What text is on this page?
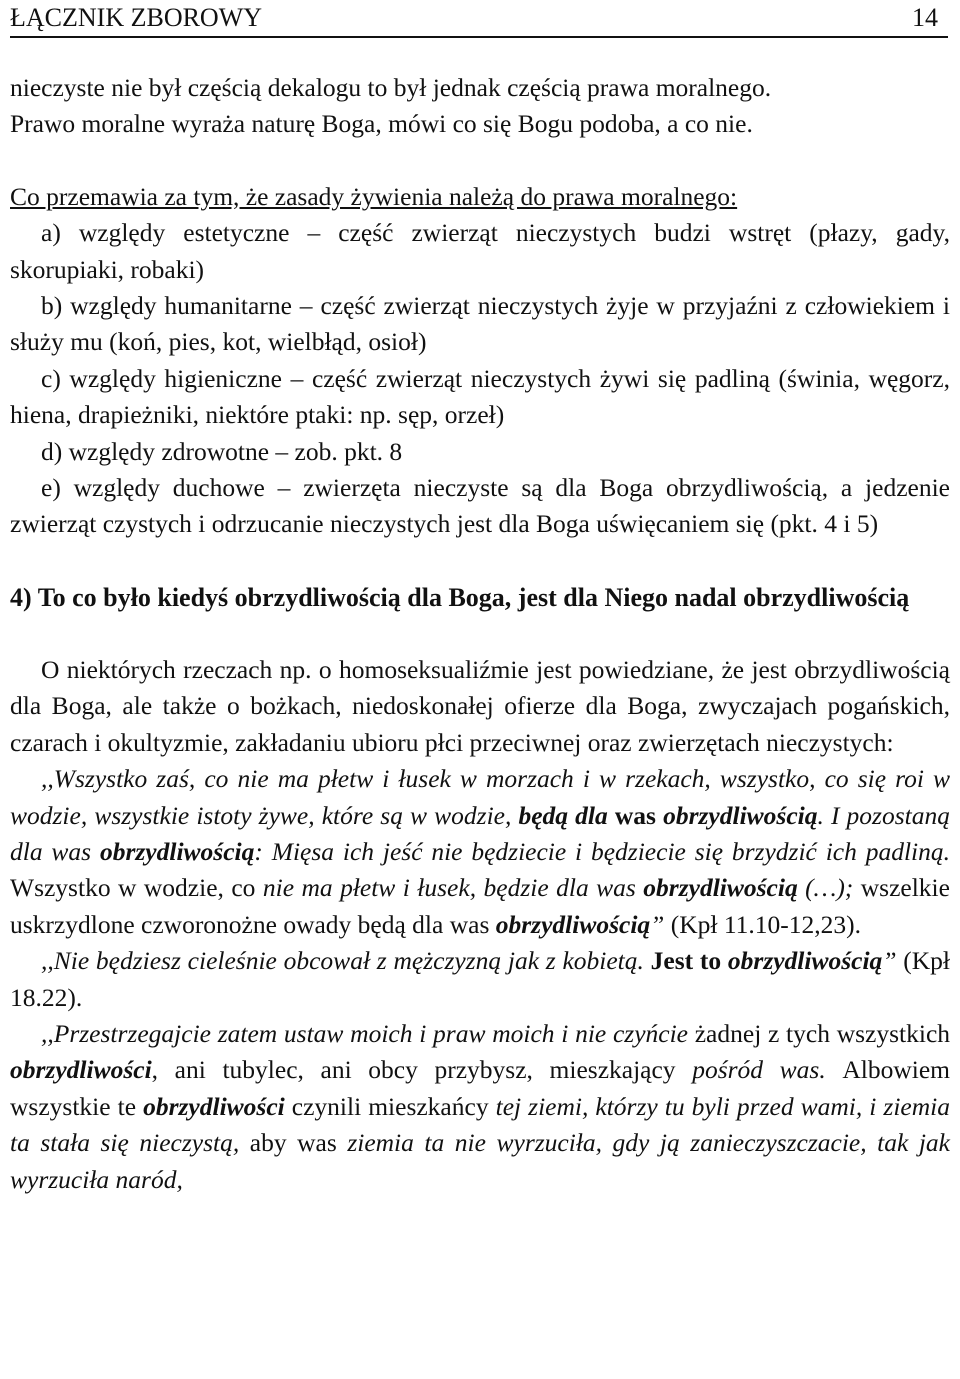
ŁĄCZNIK ZBOROWY	14

nieczyste nie był częścią dekalogu to był jednak częścią prawa moralnego.

Prawo moralne wyraża naturę Boga, mówi co się Bogu podoba, a co nie.

Co przemawia za tym, że zasady żywienia należą do prawa moralnego:

a) względy estetyczne – część zwierząt nieczystych budzi wstręt (płazy, gady, skorupiaki, robaki)

b) względy humanitarne – część zwierząt nieczystych żyje w przyjaźni z człowiekiem i służy mu (koń, pies, kot, wielbłąd, osioł)

c) względy higieniczne – część zwierząt nieczystych żywi się padliną (świnia, węgorz, hiena, drapieżniki, niektóre ptaki: np. sęp, orzeł)

d) względy zdrowotne – zob. pkt. 8

e) względy duchowe – zwierzęta nieczyste są dla Boga obrzydliwością, a jedzenie zwierząt czystych i odrzucanie nieczystych jest dla Boga uświęcaniem się (pkt. 4 i 5)

4) To co było kiedyś obrzydliwością dla Boga, jest dla Niego nadal obrzydliwością

O niektórych rzeczach np. o homoseksualiźmie jest powiedziane, że jest obrzydliwością dla Boga, ale także o bożkach, niedoskonałej ofierze dla Boga, zwyczajach pogańskich, czarach i okultyzmie, zakładaniu ubioru płci przeciwnej oraz zwierzętach nieczystych:

,,Wszystko zaś, co nie ma płetw i łusek w morzach i w rzekach, wszystko, co się roi w wodzie, wszystkie istoty żywe, które są w wodzie, będą dla was obrzydliwością. I pozostaną dla was obrzydliwością: Mięsa ich jeść nie będziecie i będziecie się brzydzić ich padliną. Wszystko w wodzie, co nie ma płetw i łusek, będzie dla was obrzydliwością (…); wszelkie uskrzydlone czworonożne owady będą dla was obrzydliwością” (Kpł 11.10-12,23).

,,Nie będziesz cieleśnie obcował z mężczyzną jak z kobietą. Jest to obrzydliwością” (Kpł 18.22).

,,Przestrzegajcie zatem ustaw moich i praw moich i nie czyńcie żadnej z tych wszystkich obrzydliwości, ani tubylec, ani obcy przybysz, mieszkający pośród was. Albowiem wszystkie te obrzydliwości czynili mieszkańcy tej ziemi, którzy tu byli przed wami, i ziemia ta stała się nieczystą, aby was ziemia ta nie wyrzuciła, gdy ją zanieczyszczacie, tak jak wyrzuciła naród,
